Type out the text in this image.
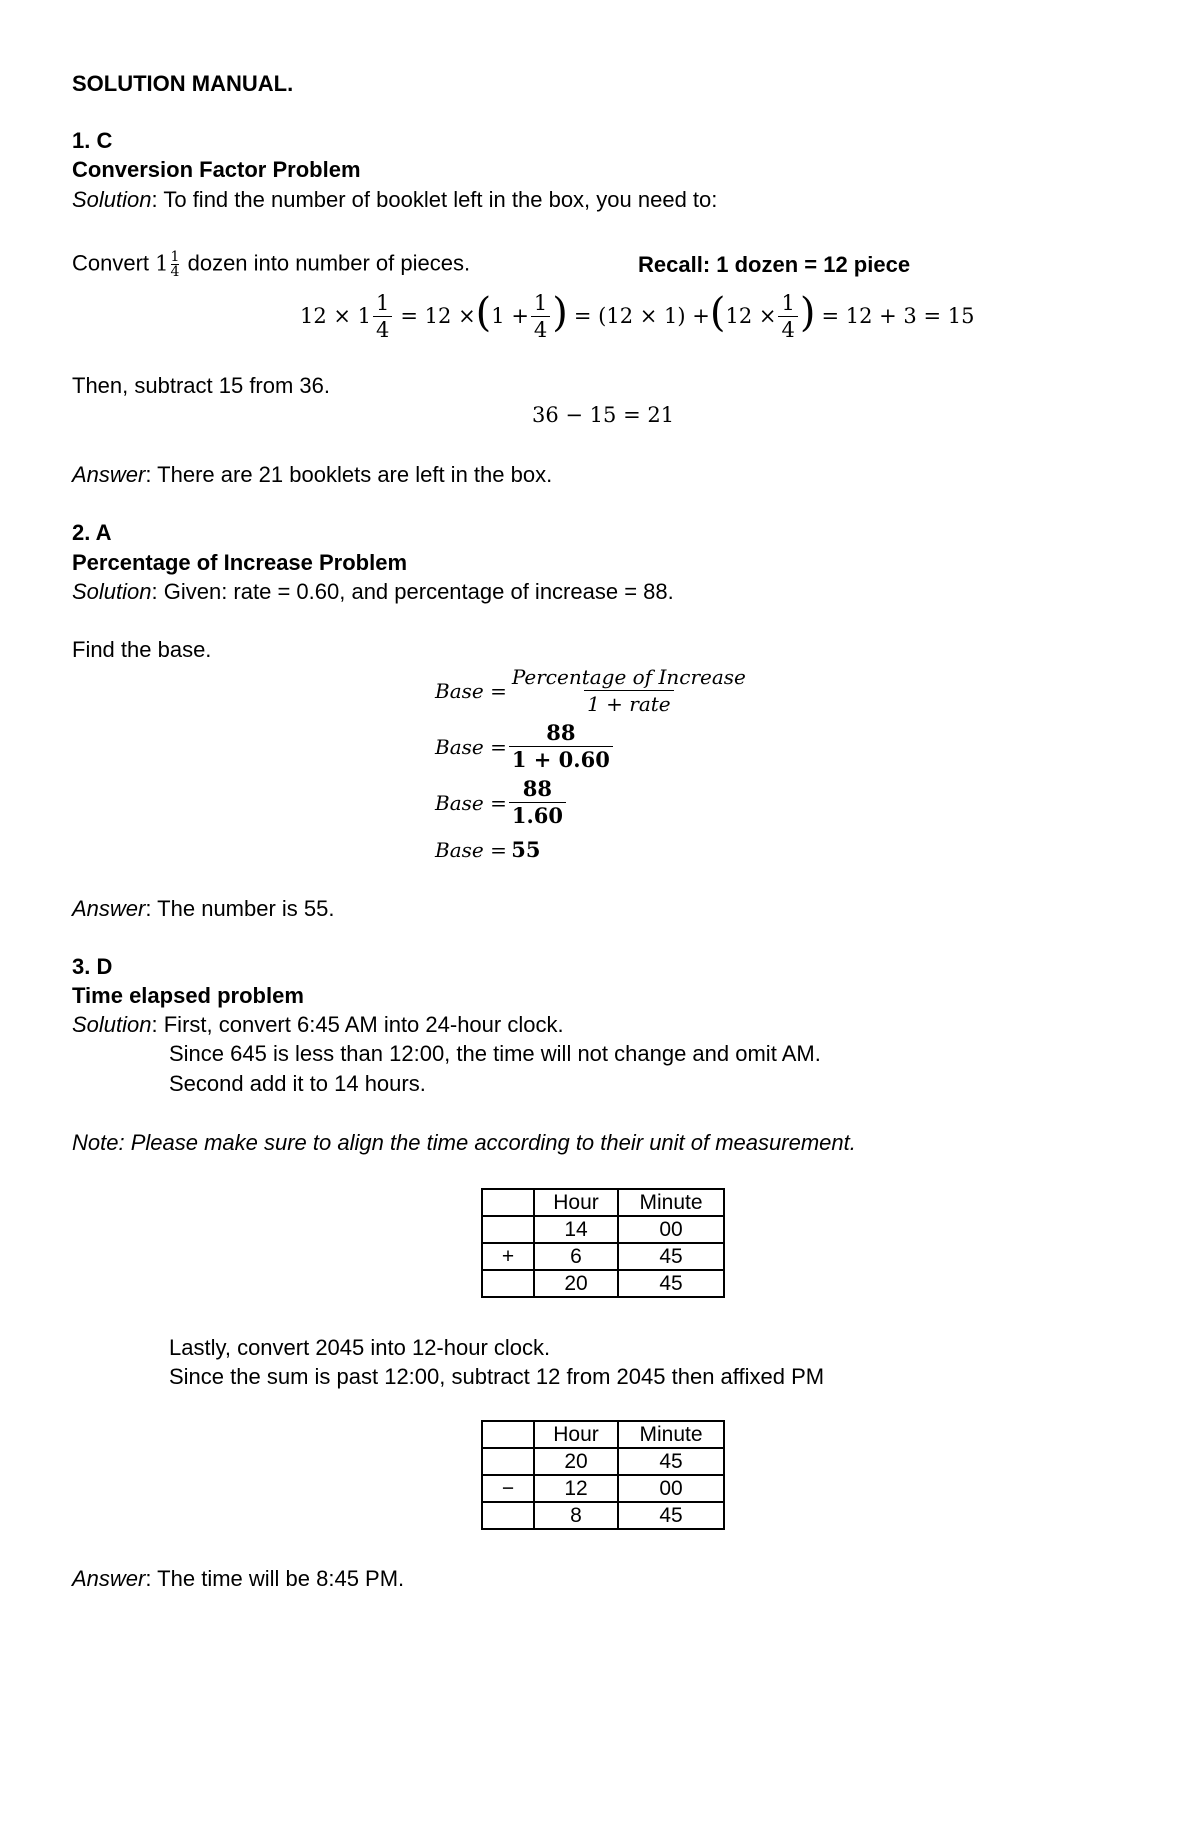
SOLUTION MANUAL.
1. C
Conversion Factor Problem
Solution: To find the number of booklet left in the box, you need to:
Convert $1 \frac{1}{4}$ dozen into number of pieces.	Recall: 1 dozen = 12 piece
$12 \times 1 \frac{1}{4} = 12$ × ( $1 + \frac{1}{4}$ ) = (12 × 1) + ( $12 \times \frac{1}{4}$ ) = 12 + 3 = 15
Then, subtract 15 from 36.
36 − 15 = 21
Answer: There are 21 booklets are left in the box.
2. A
Percentage of Increase Problem
Solution: Given: rate = 0.60, and percentage of increase = 88.
Find the base.
Base = $\frac{\text{Percentage of Increase}}{\text{1 + rate}}$
Base = $\frac{88}{1 + 0.60}$
Base = $\frac{88}{1.60}$
Base = 55
Answer: The number is 55.
3. D
Time elapsed problem
Solution: First, convert 6:45 AM into 24-hour clock.
Since 645 is less than 12:00, the time will not change and omit AM.
Second add it to 14 hours.
Note: Please make sure to align the time according to their unit of measurement.
	Hour	Minute
	14	00
+	6	45
	20	45
Lastly, convert 2045 into 12-hour clock.
Since the sum is past 12:00, subtract 12 from 2045 then affixed PM
	Hour	Minute
	20	45
−	12	00
	8	45
Answer: The time will be 8:45 PM.
